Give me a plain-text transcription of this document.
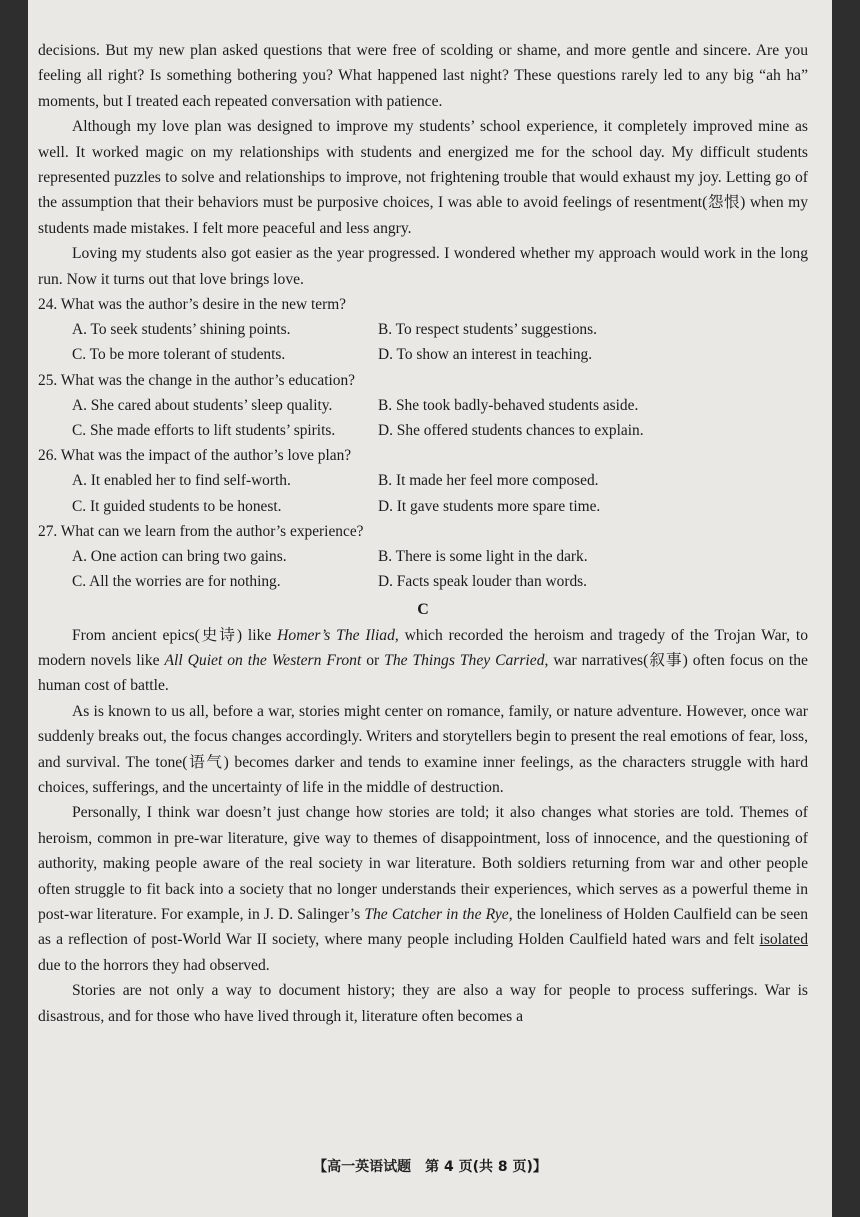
decisions. But my new plan asked questions that were free of scolding or shame, and more gentle and sincere. Are you feeling all right? Is something bothering you? What happened last night? These questions rarely led to any big “ah ha” moments, but I treated each repeated conversation with patience.

Although my love plan was designed to improve my students’ school experience, it completely improved mine as well. It worked magic on my relationships with students and energized me for the school day. My difficult students represented puzzles to solve and relationships to improve, not frightening trouble that would exhaust my joy. Letting go of the assumption that their behaviors must be purposive choices, I was able to avoid feelings of resentment(怨恨) when my students made mistakes. I felt more peaceful and less angry.

Loving my students also got easier as the year progressed. I wondered whether my approach would work in the long run. Now it turns out that love brings love.

24. What was the author’s desire in the new term?
A. To seek students’ shining points.	B. To respect students’ suggestions.
C. To be more tolerant of students.	D. To show an interest in teaching.
25. What was the change in the author’s education?
A. She cared about students’ sleep quality.	B. She took badly-behaved students aside.
C. She made efforts to lift students’ spirits.	D. She offered students chances to explain.
26. What was the impact of the author’s love plan?
A. It enabled her to find self-worth.	B. It made her feel more composed.
C. It guided students to be honest.	D. It gave students more spare time.
27. What can we learn from the author’s experience?
A. One action can bring two gains.	B. There is some light in the dark.
C. All the worries are for nothing.	D. Facts speak louder than words.
C

From ancient epics(史诗) like Homer’s The Iliad, which recorded the heroism and tragedy of the Trojan War, to modern novels like All Quiet on the Western Front or The Things They Carried, war narratives(叙事) often focus on the human cost of battle.

As is known to us all, before a war, stories might center on romance, family, or nature adventure. However, once war suddenly breaks out, the focus changes accordingly. Writers and storytellers begin to present the real emotions of fear, loss, and survival. The tone(语气) becomes darker and tends to examine inner feelings, as the characters struggle with hard choices, sufferings, and the uncertainty of life in the middle of destruction.

Personally, I think war doesn’t just change how stories are told; it also changes what stories are told. Themes of heroism, common in pre-war literature, give way to themes of disappointment, loss of innocence, and the questioning of authority, making people aware of the real society in war literature. Both soldiers returning from war and other people often struggle to fit back into a society that no longer understands their experiences, which serves as a powerful theme in post-war literature. For example, in J. D. Salinger’s The Catcher in the Rye, the loneliness of Holden Caulfield can be seen as a reflection of post-World War II society, where many people including Holden Caulfield hated wars and felt isolated due to the horrors they had observed.

Stories are not only a way to document history; they are also a way for people to process sufferings. War is disastrous, and for those who have lived through it, literature often becomes a

【高一英语试题　第 4 页(共 8 页)】
